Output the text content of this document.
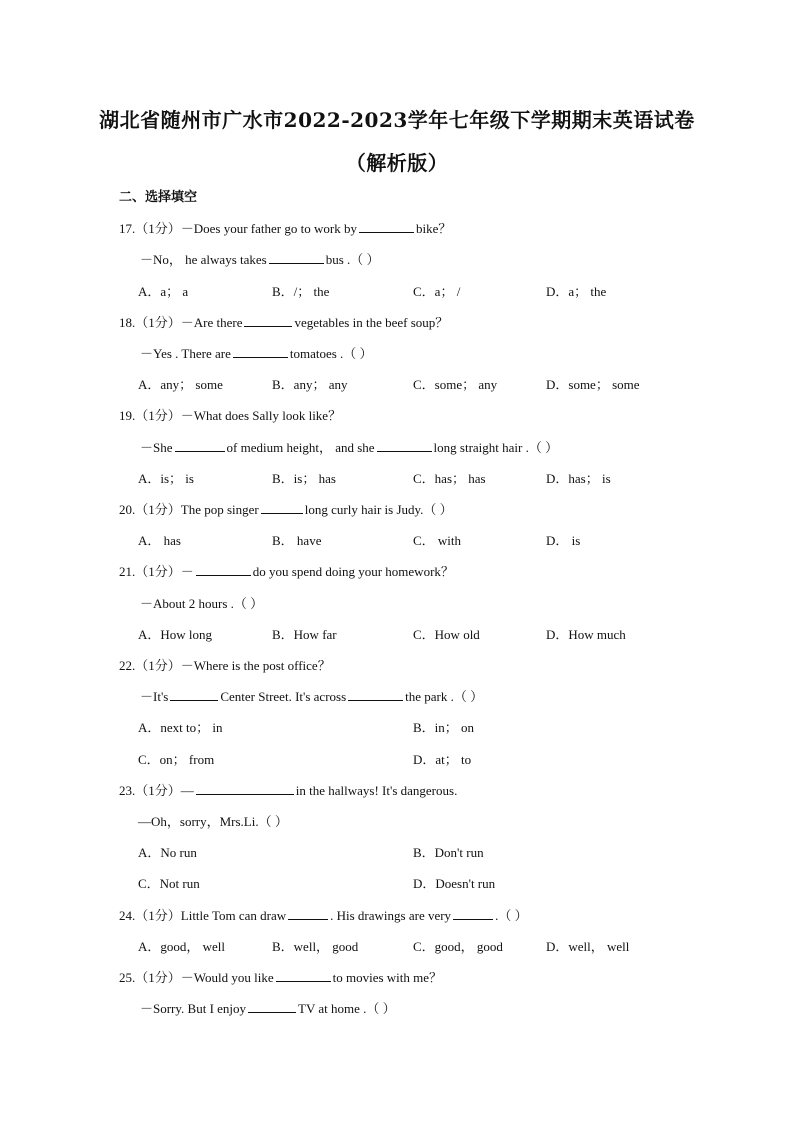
湖北省随州市广水市2022-2023学年七年级下学期期末英语试卷
（解析版）
二、选择填空
17.（1分）－Does your father go to work by	bike？
－No， he always takes	bus .（ ）
A．a； a	B．/； the	C．a； /	D．a； the
18.（1分）－Are there	vegetables in the beef soup？
－Yes . There are	tomatoes .（ ）
A．any； some	B．any； any	C．some； any	D．some； some
19.（1分）－What does Sally look like？
－She	of medium height， and she	long straight hair .（ ）
A．is； is	B．is； has	C．has； has	D．has； is
20.（1分）The pop singer	long curly hair is Judy.（ ）
A． has	B． have	C． with	D． is
21.（1分）－	do you spend doing your homework？
－About 2 hours .（ ）
A．How long	B．How far	C．How old	D．How much
22.（1分）－Where is the post office？
－It's	Center Street. It's across	the park .（ ）
A．next to； in	B．in； on
C．on； from	D．at； to
23.（1分）—	in the hallways! It's dangerous.
—Oh，sorry，Mrs.Li.（ ）
A．No run	B．Don't run
C．Not run	D．Doesn't run
24.（1分）Little Tom can draw	. His drawings are very	.（ ）
A．good， well	B．well， good	C．good， good	D．well， well
25.（1分）－Would you like	to movies with me？
－Sorry. But I enjoy	TV at home .（ ）
